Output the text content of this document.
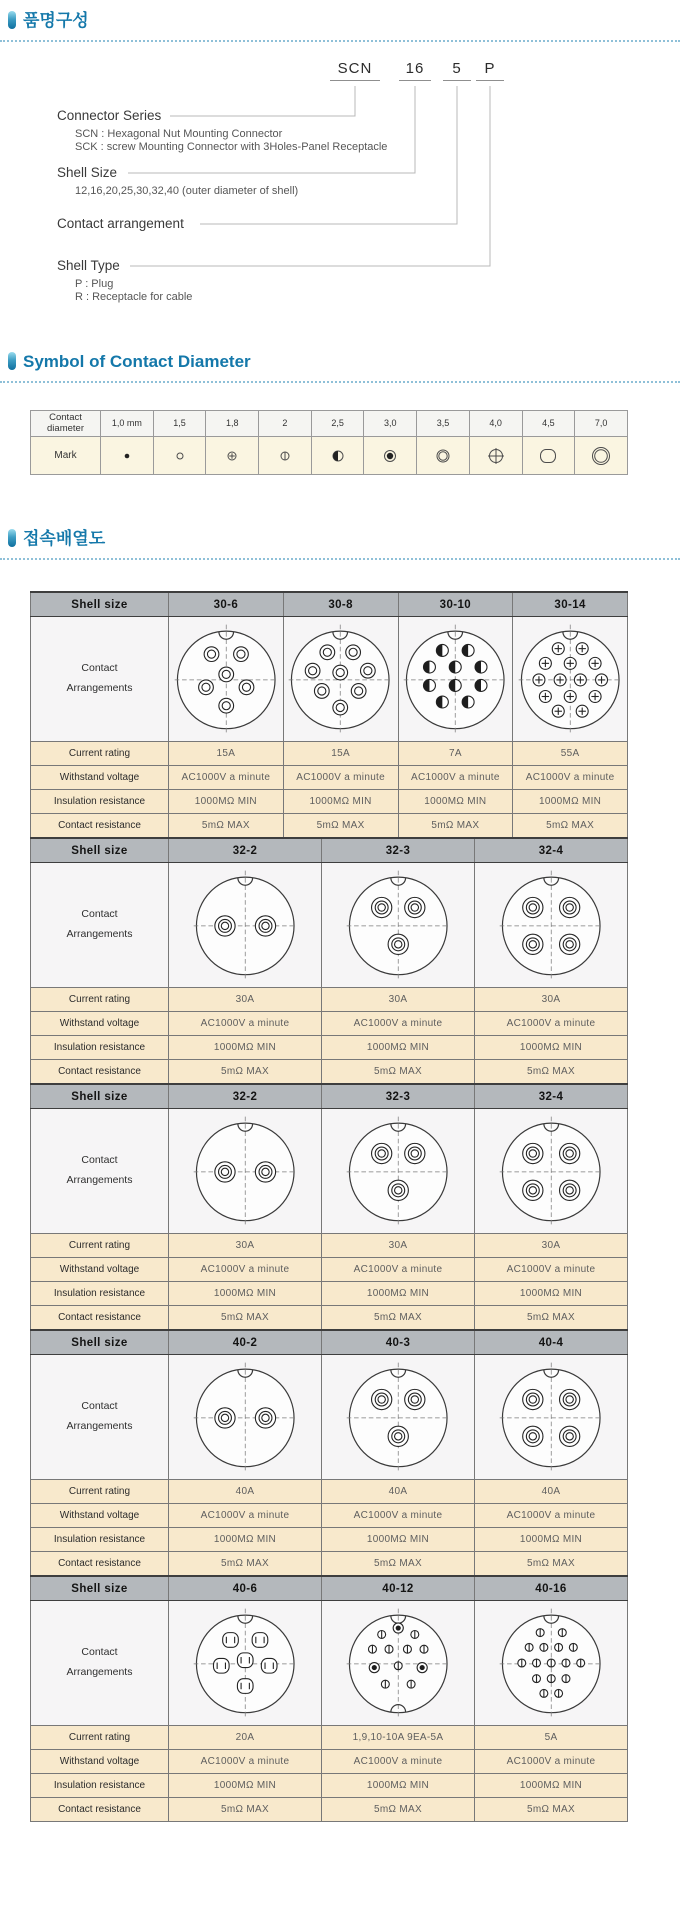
품명구성
SCN	16	5	P
Connector Series
SCN : Hexagonal Nut Mounting Connector
SCK : screw Mounting Connector with 3Holes-Panel Receptacle
Shell Size
12,16,20,25,30,32,40 (outer diameter of shell)
Contact arrangement
Shell Type
P : Plug
R : Receptacle for cable
Symbol of Contact Diameter
Contact diameter	1,0 mm	1,5	1,8	2	2,5	3,0	3,5	4,0	4,5	7,0
Mark										
접속배열도
Shell size	30-6	30-8	30-10	30-14
Contact
Arrangements				
Current rating	15A	15A	7A	55A
Withstand voltage	AC1000V a minute	AC1000V a minute	AC1000V a minute	AC1000V a minute
Insulation resistance	1000MΩ MIN	1000MΩ MIN	1000MΩ MIN	1000MΩ MIN
Contact resistance	5mΩ MAX	5mΩ MAX	5mΩ MAX	5mΩ MAX
Shell size	32-2	32-3	32-4
Contact
Arrangements			
Current rating	30A	30A	30A
Withstand voltage	AC1000V a minute	AC1000V a minute	AC1000V a minute
Insulation resistance	1000MΩ MIN	1000MΩ MIN	1000MΩ MIN
Contact resistance	5mΩ MAX	5mΩ MAX	5mΩ MAX
Shell size	32-2	32-3	32-4
Contact
Arrangements			
Current rating	30A	30A	30A
Withstand voltage	AC1000V a minute	AC1000V a minute	AC1000V a minute
Insulation resistance	1000MΩ MIN	1000MΩ MIN	1000MΩ MIN
Contact resistance	5mΩ MAX	5mΩ MAX	5mΩ MAX
Shell size	40-2	40-3	40-4
Contact
Arrangements			
Current rating	40A	40A	40A
Withstand voltage	AC1000V a minute	AC1000V a minute	AC1000V a minute
Insulation resistance	1000MΩ MIN	1000MΩ MIN	1000MΩ MIN
Contact resistance	5mΩ MAX	5mΩ MAX	5mΩ MAX
Shell size	40-6	40-12	40-16
Contact
Arrangements			
Current rating	20A	1,9,10-10A 9EA-5A	5A
Withstand voltage	AC1000V a minute	AC1000V a minute	AC1000V a minute
Insulation resistance	1000MΩ MIN	1000MΩ MIN	1000MΩ MIN
Contact resistance	5mΩ MAX	5mΩ MAX	5mΩ MAX
